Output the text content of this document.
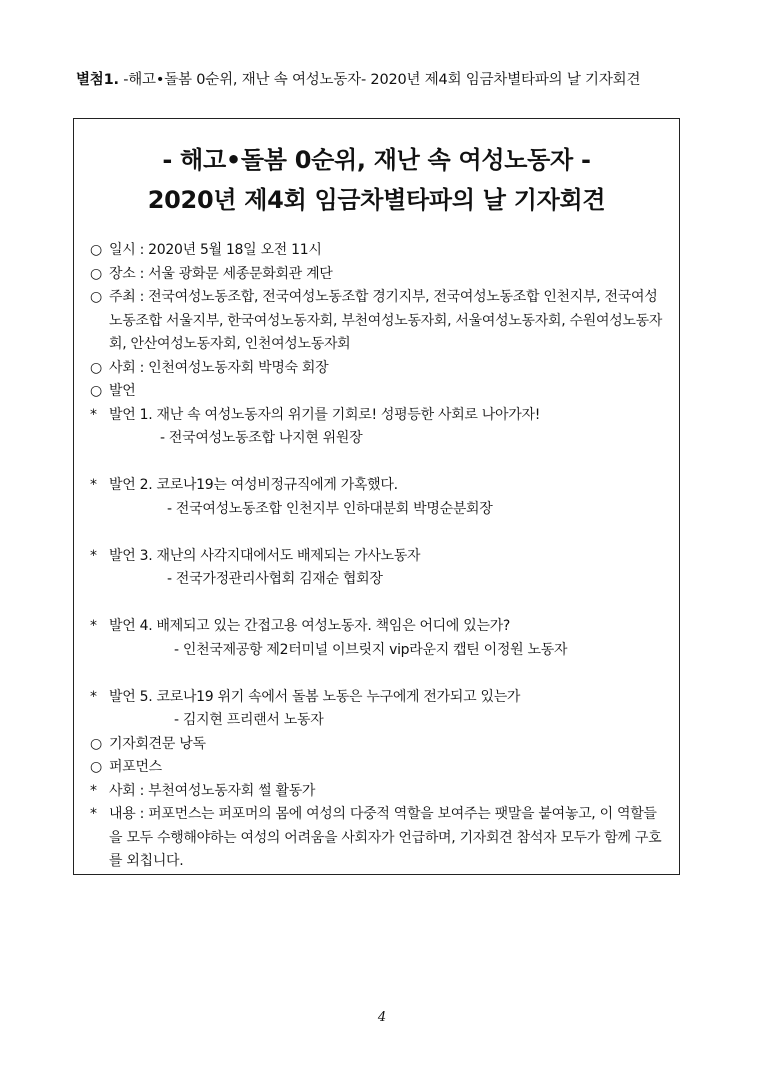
별첨1. -해고•돌봄 0순위, 재난 속 여성노동자- 2020년 제4회 임금차별타파의 날 기자회견
- 해고•돌봄 0순위, 재난 속 여성노동자 -
2020년 제4회 임금차별타파의 날 기자회견
○ 일시 : 2020년 5월 18일 오전 11시
○ 장소 : 서울 광화문 세종문화회관 계단
○ 주최 : 전국여성노동조합, 전국여성노동조합 경기지부, 전국여성노동조합 인천지부, 전국여성노동조합 서울지부, 한국여성노동자회, 부천여성노동자회, 서울여성노동자회, 수원여성노동자회, 안산여성노동자회, 인천여성노동자회
○ 사회 : 인천여성노동자회 박명숙 회장
○ 발언
* 발언 1. 재난 속 여성노동자의 위기를 기회로! 성평등한 사회로 나아가자!
- 전국여성노동조합 나지현 위원장
* 발언 2. 코로나19는 여성비정규직에게 가혹했다.
- 전국여성노동조합 인천지부 인하대분회 박명순분회장
* 발언 3. 재난의 사각지대에서도 배제되는 가사노동자
- 전국가정관리사협회 김재순 협회장
* 발언 4. 배제되고 있는 간접고용 여성노동자. 책임은 어디에 있는가?
- 인천국제공항 제2터미널 이브릿지 vip라운지 캡틴 이정원 노동자
* 발언 5. 코로나19 위기 속에서 돌봄 노동은 누구에게 전가되고 있는가
- 김지현 프리랜서 노동자
○ 기자회견문 낭독
○ 퍼포먼스
* 사회 : 부천여성노동자회 썰 활동가
* 내용 : 퍼포먼스는 퍼포머의 몸에 여성의 다중적 역할을 보여주는 팻말을 붙여놓고, 이 역할들을 모두 수행해야하는 여성의 어려움을 사회자가 언급하며, 기자회견 참석자 모두가 함께 구호를 외칩니다.
4
